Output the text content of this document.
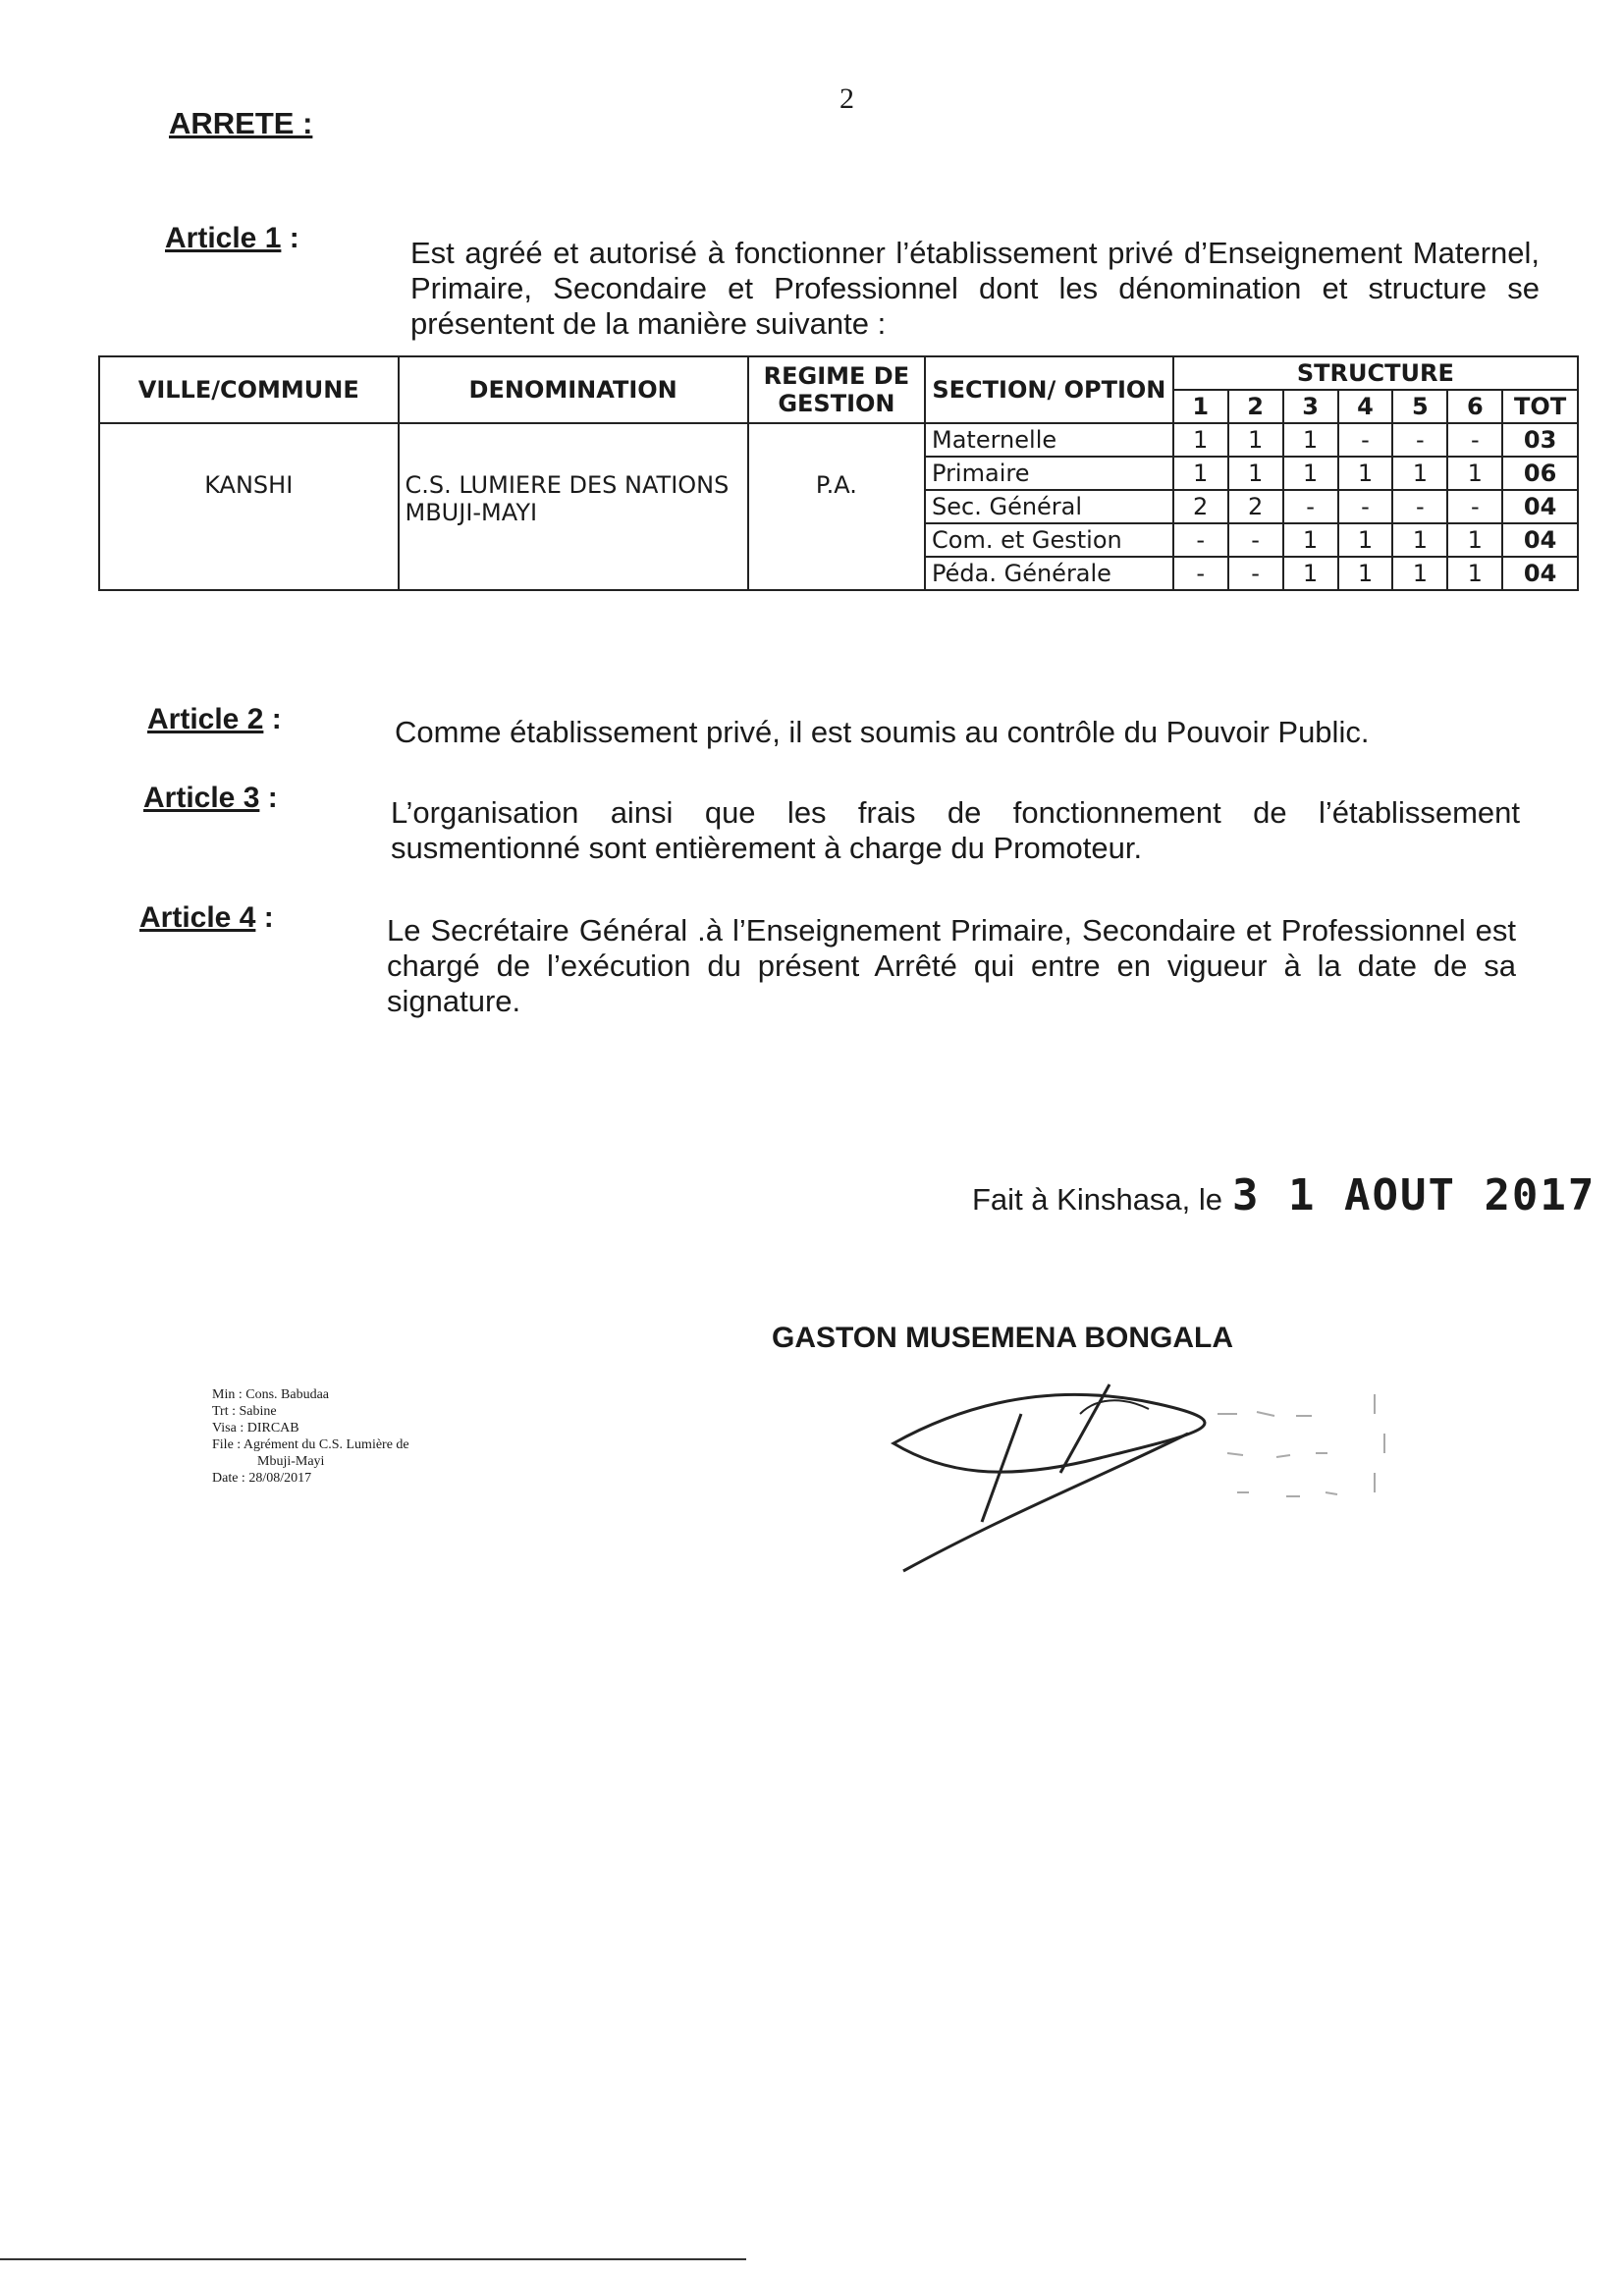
2
ARRETE :
Article 1 :	Est agréé et autorisé à fonctionner l’établissement privé d’Enseignement Maternel, Primaire, Secondaire et Professionnel dont les dénomination et structure se présentent de la manière suivante :
VILLE/COMMUNE	DENOMINATION	REGIME DE GESTION	SECTION/ OPTION	STRUCTURE						
				1	2	3	4	5	6	TOT
KANSHI	C.S. LUMIERE DES NATIONS MBUJI-MAYI	P.A.	Maternelle	1	1	1	-	-	-	03
			Primaire	1	1	1	1	1	1	06
			Sec. Général	2	2	-	-	-	-	04
			Com. et Gestion	-	-	1	1	1	1	04
			Péda. Générale	-	-	1	1	1	1	04
Article 2 :	Comme établissement privé, il est soumis au contrôle du Pouvoir Public.
Article 3 :	L’organisation ainsi que les frais de fonctionnement de l’établissement susmentionné sont entièrement à charge du Promoteur.
Article 4 :	Le Secrétaire Général .à l’Enseignement Primaire, Secondaire et Professionnel est chargé de l’exécution du présent Arrêté qui entre en vigueur à la date de sa signature.
Fait à Kinshasa, le 3 1 AOUT 2017
GASTON MUSEMENA BONGALA
Min : Cons. Babudaa
Trt : Sabine
Visa : DIRCAB
File : Agrément du C.S. Lumière de
Mbuji-Mayi
Date : 28/08/2017
